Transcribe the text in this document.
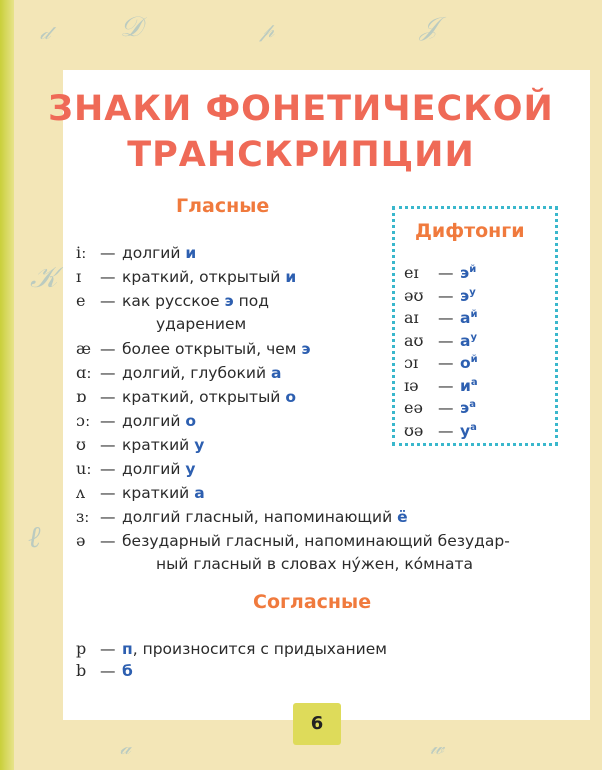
𝒹 𝒟	𝓅	𝒥
𝒦
ℓ
𝒶	𝓌
ЗНАКИ ФОНЕТИЧЕСКОЙ
ТРАНСКРИПЦИИ
Гласные
iː — долгий и
ɪ — краткий, открытый и
e — как русское э под
ударением
æ — более открытый, чем э
ɑː — долгий, глубокий а
ɒ — краткий, открытый о
ɔː — долгий о
ʊ — краткий у
uː — долгий у
ʌ — краткий а
ɜː — долгий гласный, напоминающий ё
ə — безударный гласный, напоминающий безудар-
ный гласный в словах ну́жен, ко́мната
Дифтонги
eɪ — $э^й$
əʊ — $э^у$
aɪ — $а^й$
aʊ — $а^у$
ɔɪ — $о^й$
ɪə — $и^а$
eə — $э^а$
ʊə — $у^а$
Согласные
p — п, произносится с придыханием
b — б
6
